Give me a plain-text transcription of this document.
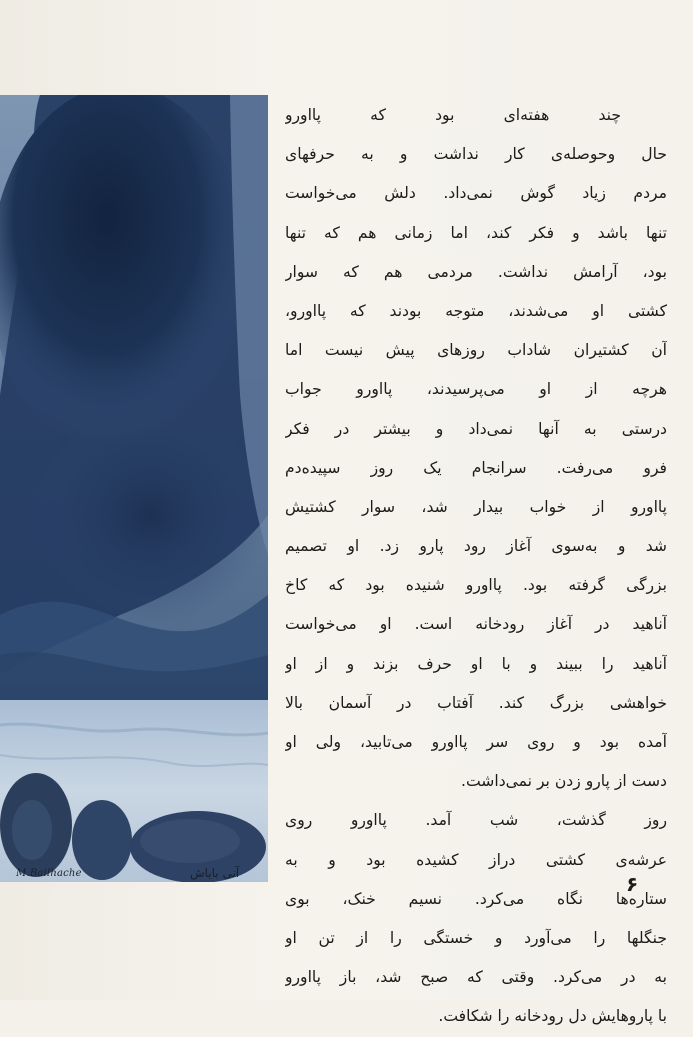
M.Bailhache	آنی بایاش
چند هفته‌ای بود که پااورو
حال وحوصله‌ی کار نداشت و به حرفهای
مردم زیاد گوش نمی‌داد. دلش می‌خواست
تنها باشد و فکر کند، اما زمانی هم که تنها
بود، آرامش نداشت. مردمی هم که سوار
کشتی او می‌شدند، متوجه بودند که پااورو،
آن کشتیران شاداب روزهای پیش نیست اما
هرچه از او می‌پرسیدند، پااورو جواب
درستی به آنها نمی‌داد و بیشتر در فکر
فرو می‌رفت. سرانجام یک روز سپیده‌دم
پااورو از خواب بیدار شد، سوار کشتیش
شد و به‌سوی آغاز رود پارو زد. او تصمیم
بزرگی گرفته بود. پااورو شنیده بود که کاخ
آناهید در آغاز رودخانه است. او می‌خواست
آناهید را ببیند و با او حرف بزند و از او
خواهشی بزرگ کند. آفتاب در آسمان بالا
آمده بود و روی سر پااورو می‌تابید، ولی او
دست از پارو زدن بر نمی‌داشت.
روز گذشت، شب آمد. پااورو روی
عرشه‌ی کشتی دراز کشیده بود و به
ستاره‌ها نگاه می‌کرد. نسیم خنک، بوی
جنگلها را می‌آورد و خستگی را از تن او
به در می‌کرد. وقتی که صبح شد، باز پااورو
با پاروهایش دل رودخانه را شکافت.
۶
